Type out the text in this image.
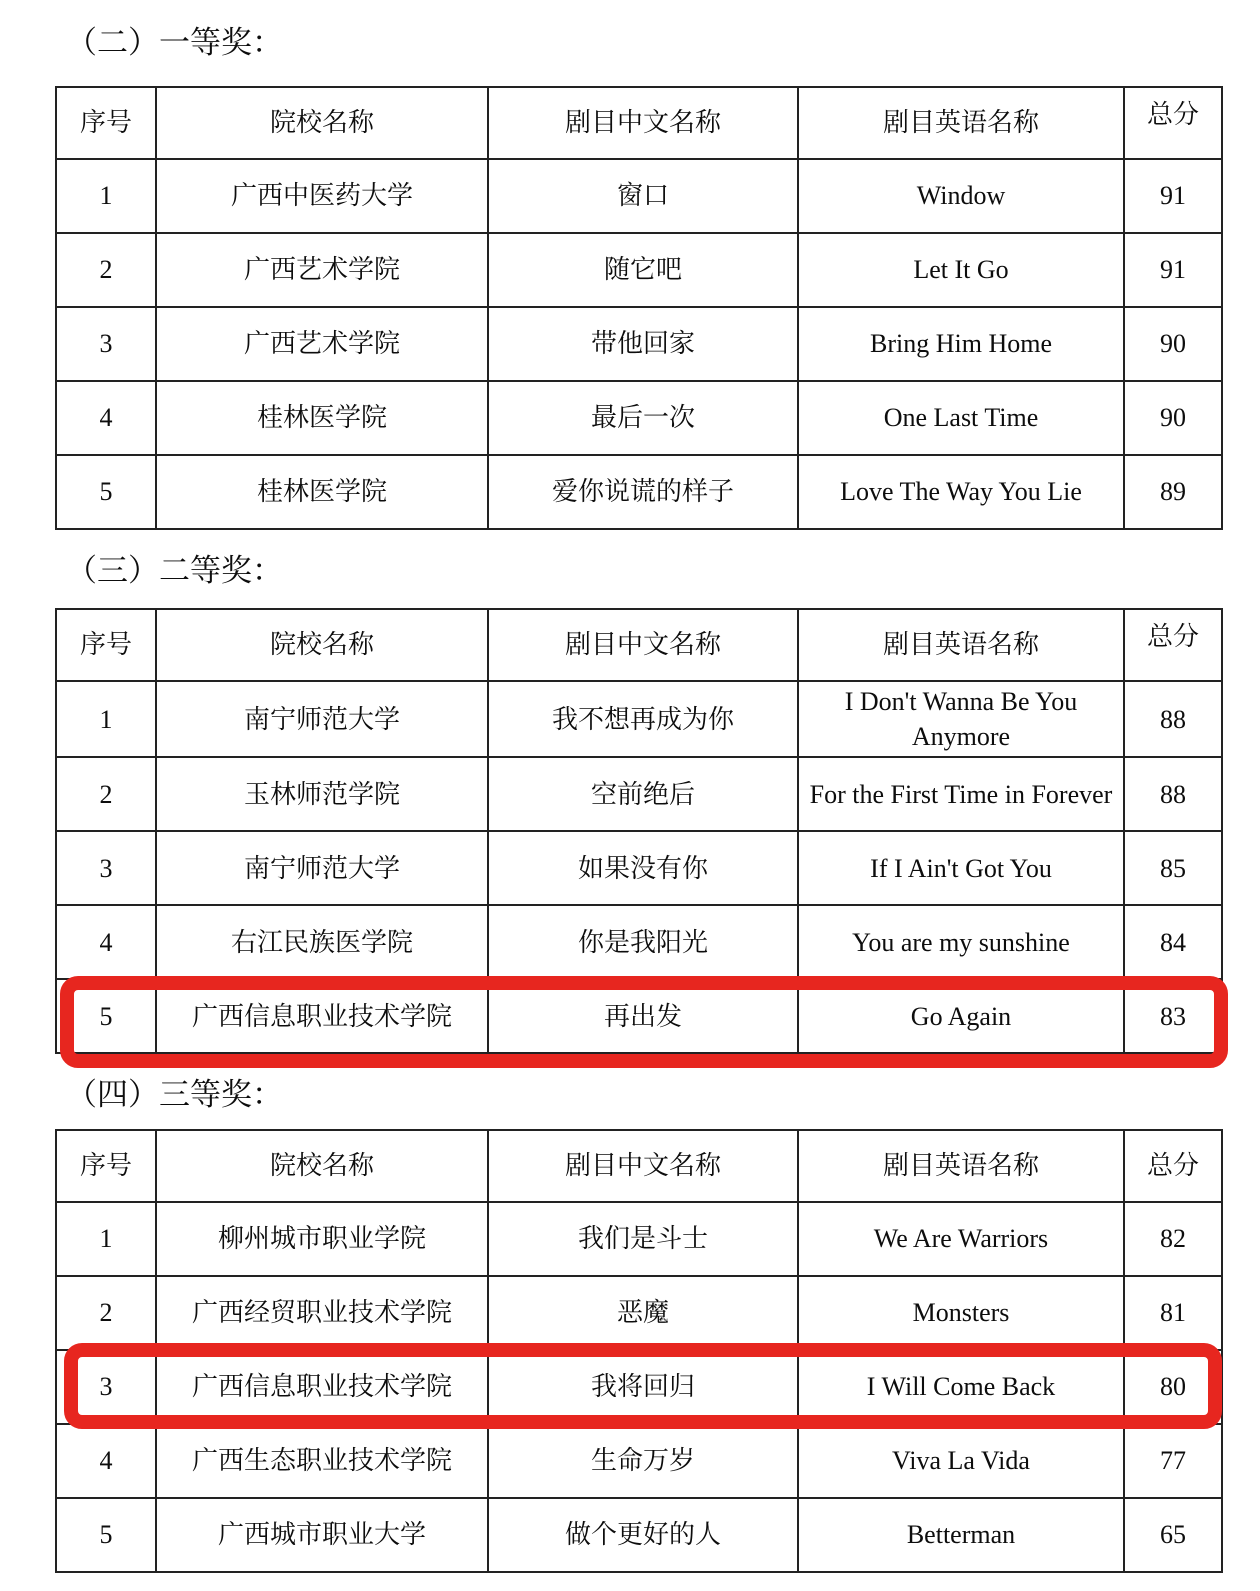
（二）一等奖：
序号	院校名称	剧目中文名称	剧目英语名称	总分
1	广西中医药大学	窗口	Window	91
2	广西艺术学院	随它吧	Let It Go	91
3	广西艺术学院	带他回家	Bring Him Home	90
4	桂林医学院	最后一次	One Last Time	90
5	桂林医学院	爱你说谎的样子	Love The Way You Lie	89
（三）二等奖：
序号	院校名称	剧目中文名称	剧目英语名称	总分
1	南宁师范大学	我不想再成为你	I Don't Wanna Be You Anymore	88
2	玉林师范学院	空前绝后	For the First Time in Forever	88
3	南宁师范大学	如果没有你	If I Ain't Got You	85
4	右江民族医学院	你是我阳光	You are my sunshine	84
5	广西信息职业技术学院	再出发	Go Again	83
（四）三等奖：
序号	院校名称	剧目中文名称	剧目英语名称	总分
1	柳州城市职业学院	我们是斗士	We Are Warriors	82
2	广西经贸职业技术学院	恶魔	Monsters	81
3	广西信息职业技术学院	我将回归	I Will Come Back	80
4	广西生态职业技术学院	生命万岁	Viva La Vida	77
5	广西城市职业大学	做个更好的人	Betterman	65
